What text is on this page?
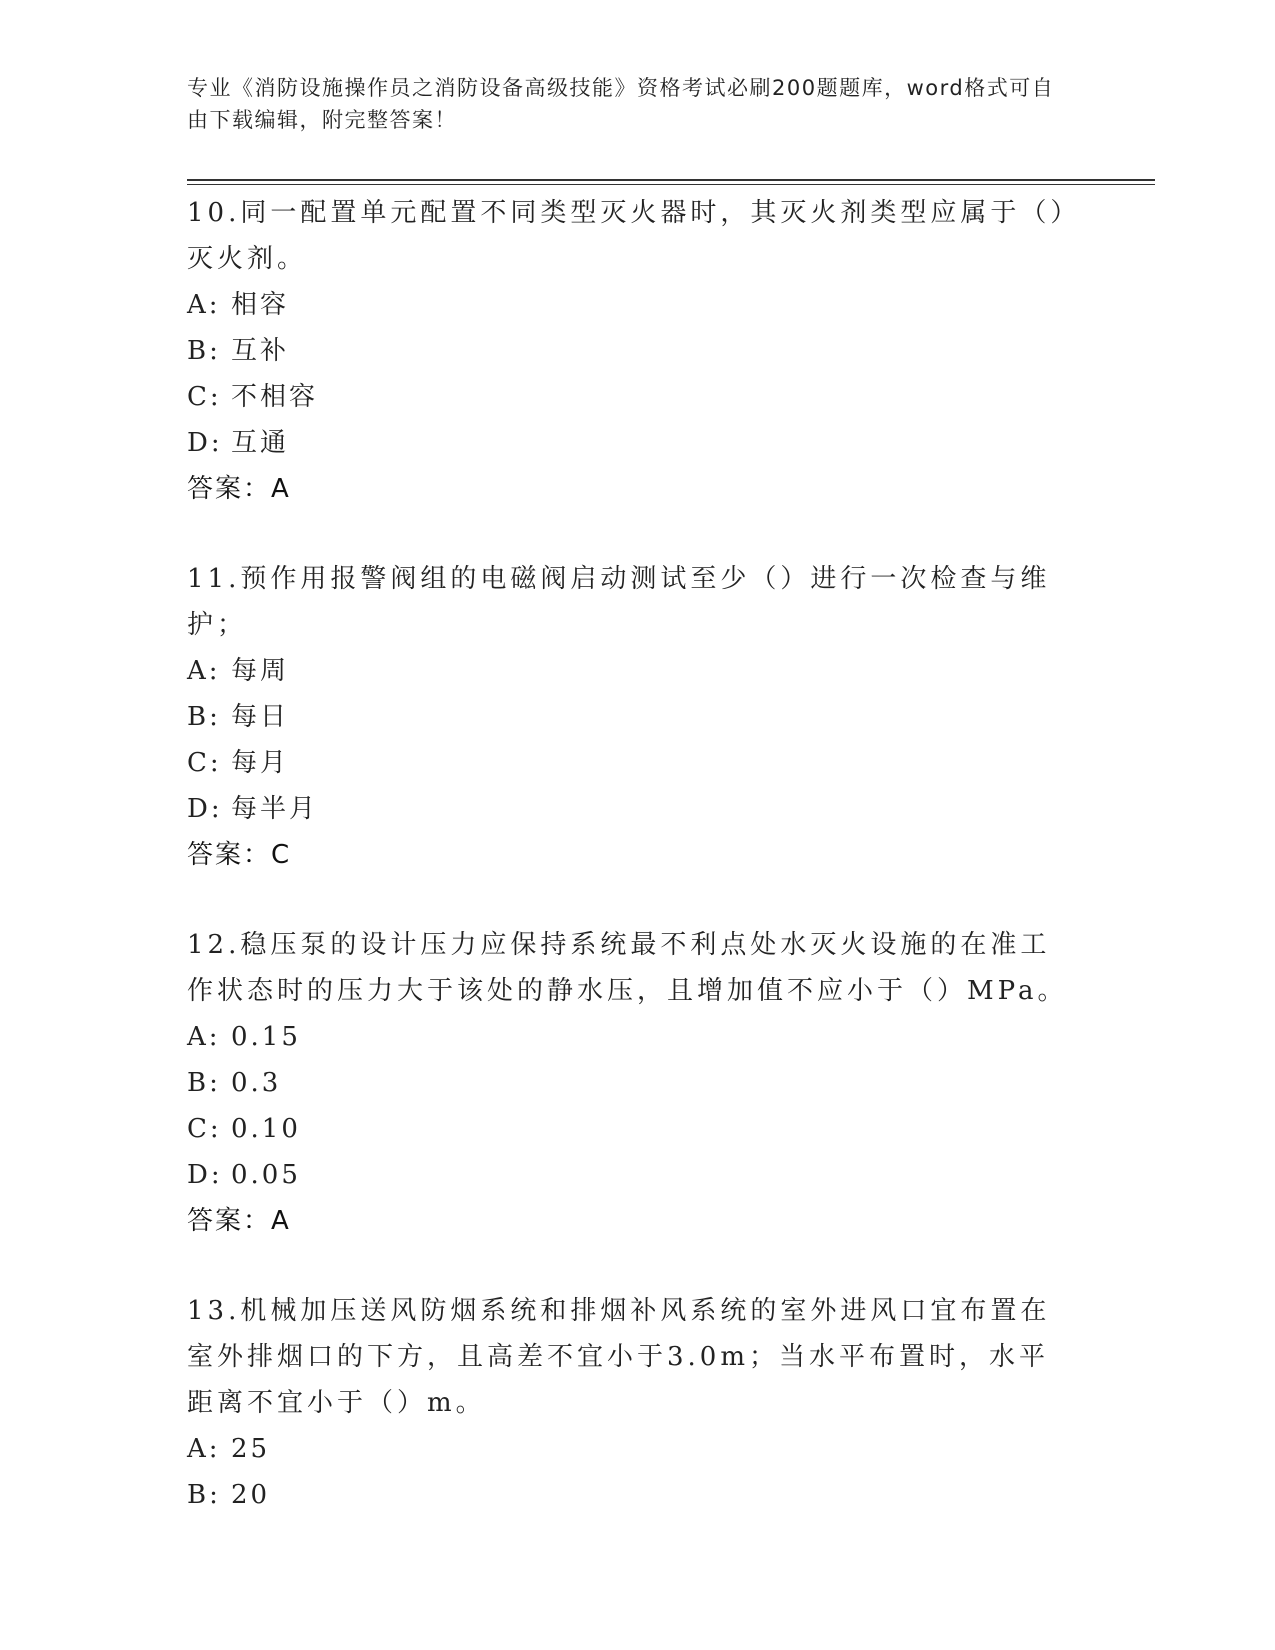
专业《消防设施操作员之消防设备高级技能》资格考试必刷200题题库，word格式可自由下载编辑，附完整答案！
10.同一配置单元配置不同类型灭火器时，其灭火剂类型应属于（）灭火剂。
A: 相容
B: 互补
C: 不相容
D: 互通
答案：A
11.预作用报警阀组的电磁阀启动测试至少（）进行一次检查与维护；
A: 每周
B: 每日
C: 每月
D: 每半月
答案：C
12.稳压泵的设计压力应保持系统最不利点处水灭火设施的在准工作状态时的压力大于该处的静水压，且增加值不应小于（）MPa。
A: 0.15
B: 0.3
C: 0.10
D: 0.05
答案：A
13.机械加压送风防烟系统和排烟补风系统的室外进风口宜布置在室外排烟口的下方，且高差不宜小于3.0m；当水平布置时，水平距离不宜小于（）m。
A: 25
B: 20
